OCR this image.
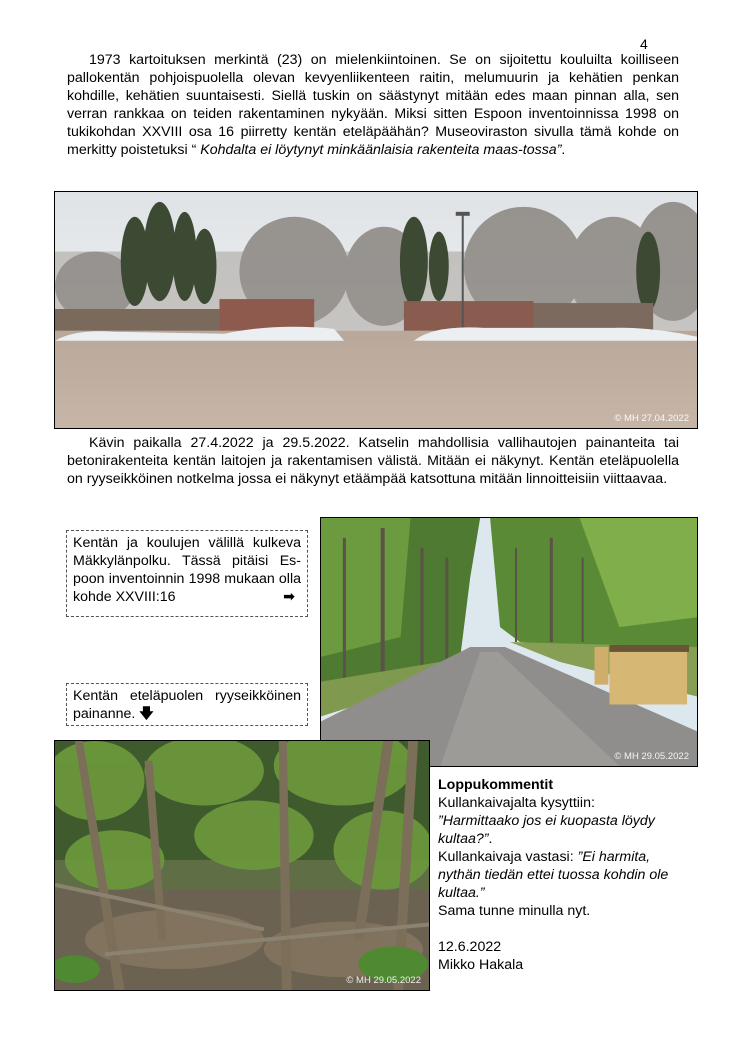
4
1973 kartoituksen merkintä (23) on mielenkiintoinen. Se on sijoitettu kouluilta koilliseen pallokentän pohjoispuolella olevan kevyenliikenteen raitin, melumuurin ja kehätien penkan kohdille, kehätien suuntaisesti. Siellä tuskin on säästynyt mitään edes maan pinnan alla, sen verran rankkaa on teiden rakentaminen nykyään. Miksi sitten Espoon inventoinnissa 1998 on tukikohdan XXVIII osa 16 piirretty kentän eteläpäähän? Museoviraston sivulla tämä kohde on merkitty poistetuksi “ Kohdalta ei löytynyt minkäänlaisia rakenteita maas-tossa”.
© MH 27.04.2022
Kävin paikalla 27.4.2022 ja 29.5.2022. Katselin mahdollisia vallihautojen painanteita tai betonirakenteita kentän laitojen ja rakentamisen välistä. Mitään ei näkynyt. Kentän eteläpuolella on ryyseikköinen notkelma jossa ei näkynyt etäämpää katsottuna mitään linnoitteisiin viittaavaa.
Kentän ja koulujen välillä kulkeva Mäkkylänpolku. Tässä pitäisi Es-poon inventoinnin 1998 mukaan olla kohde XXVIII:16	➡
© MH 29.05.2022
Kentän eteläpuolen ryyseikköinen painanne. 🡇
© MH 29.05.2022
Loppukommentit
Kullankaivajalta kysyttiin:
”Harmittaako jos ei kuopasta löydy kultaa?”.
Kullankaivaja vastasi: ”Ei harmita, nythän tiedän ettei tuossa kohdin ole kultaa.”
Sama tunne minulla nyt.
12.6.2022
Mikko Hakala
